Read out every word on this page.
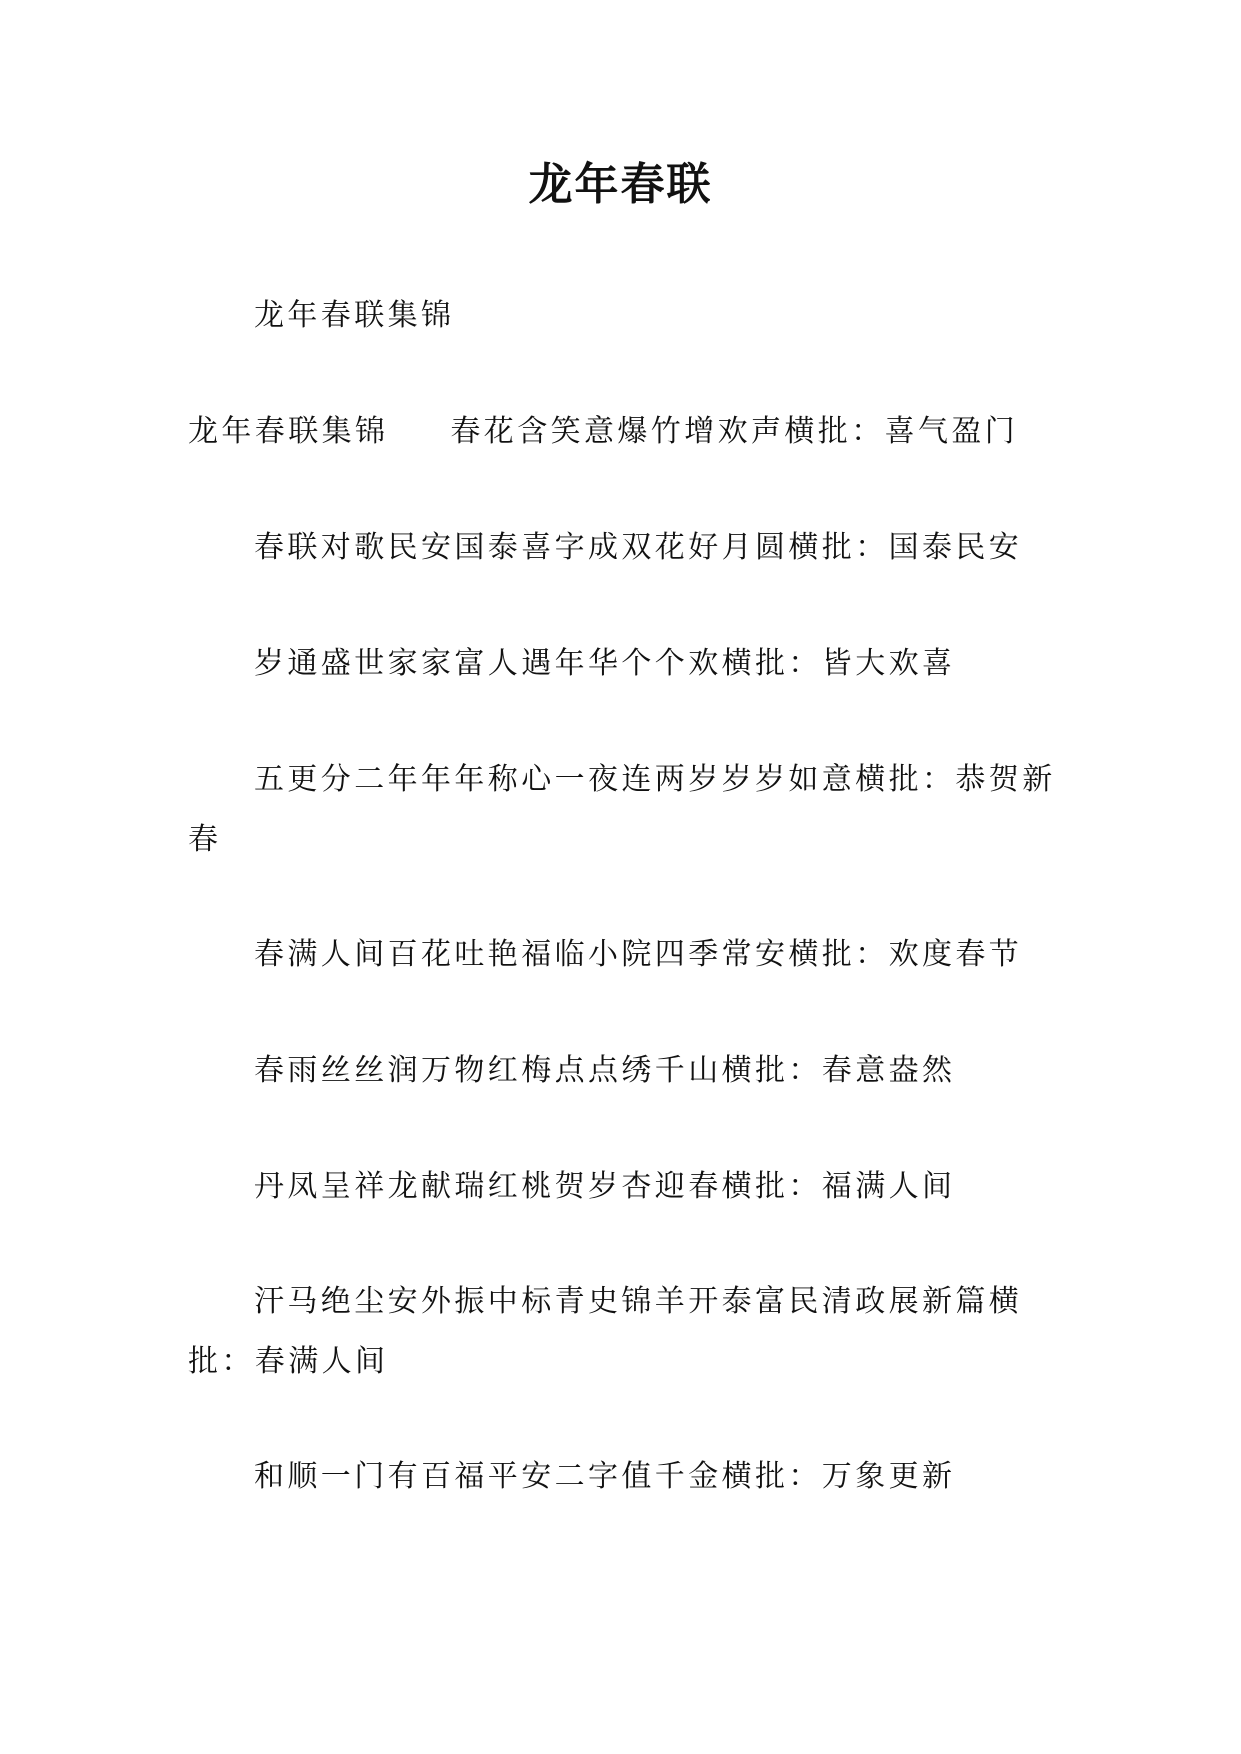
龙年春联

龙年春联集锦

龙年春联集锦 春花含笑意爆竹增欢声横批：喜气盈门

春联对歌民安国泰喜字成双花好月圆横批：国泰民安

岁通盛世家家富人遇年华个个欢横批：皆大欢喜

五更分二年年年称心一夜连两岁岁岁如意横批：恭贺新春

春满人间百花吐艳福临小院四季常安横批：欢度春节

春雨丝丝润万物红梅点点绣千山横批：春意盎然

丹凤呈祥龙献瑞红桃贺岁杏迎春横批：福满人间

汗马绝尘安外振中标青史锦羊开泰富民清政展新篇横批：春满人间

和顺一门有百福平安二字值千金横批：万象更新
